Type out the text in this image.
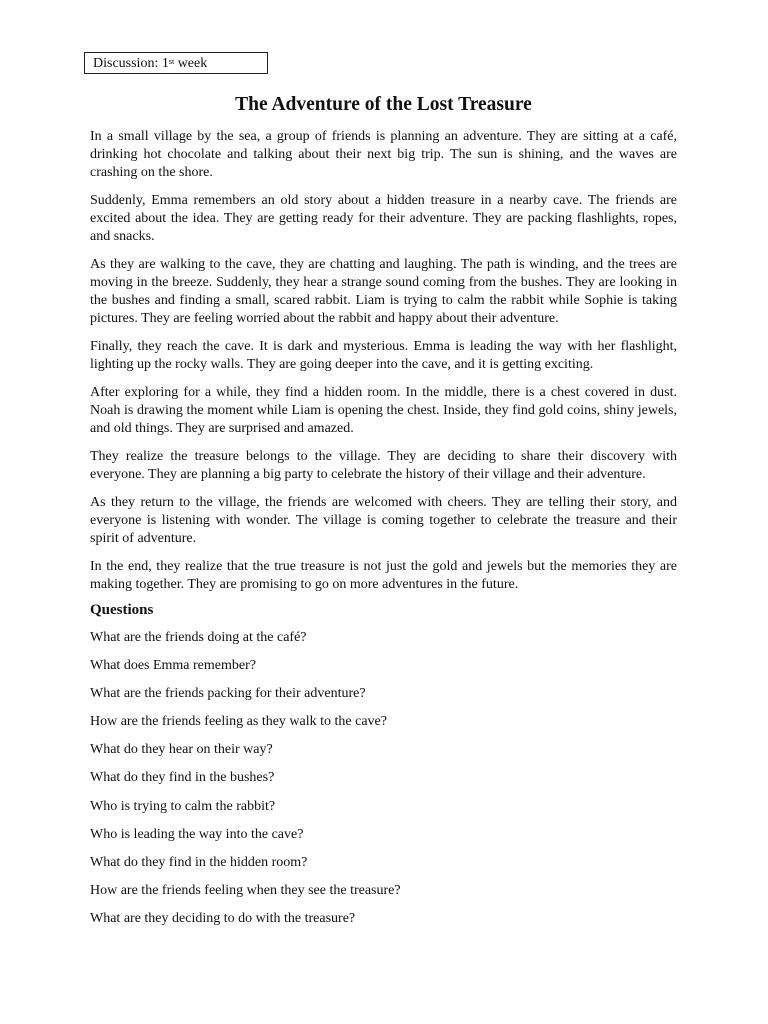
Discussion: 1st week
The Adventure of the Lost Treasure

In a small village by the sea, a group of friends is planning an adventure. They are sitting at a café, drinking hot chocolate and talking about their next big trip. The sun is shining, and the waves are crashing on the shore.

Suddenly, Emma remembers an old story about a hidden treasure in a nearby cave. The friends are excited about the idea. They are getting ready for their adventure. They are packing flashlights, ropes, and snacks.

As they are walking to the cave, they are chatting and laughing. The path is winding, and the trees are moving in the breeze. Suddenly, they hear a strange sound coming from the bushes. They are looking in the bushes and finding a small, scared rabbit. Liam is trying to calm the rabbit while Sophie is taking pictures. They are feeling worried about the rabbit and happy about their adventure.

Finally, they reach the cave. It is dark and mysterious. Emma is leading the way with her flashlight, lighting up the rocky walls. They are going deeper into the cave, and it is getting exciting.

After exploring for a while, they find a hidden room. In the middle, there is a chest covered in dust. Noah is drawing the moment while Liam is opening the chest. Inside, they find gold coins, shiny jewels, and old things. They are surprised and amazed.

They realize the treasure belongs to the village. They are deciding to share their discovery with everyone. They are planning a big party to celebrate the history of their village and their adventure.

As they return to the village, the friends are welcomed with cheers. They are telling their story, and everyone is listening with wonder. The village is coming together to celebrate the treasure and their spirit of adventure.

In the end, they realize that the true treasure is not just the gold and jewels but the memories they are making together. They are promising to go on more adventures in the future.

Questions
What are the friends doing at the café?
What does Emma remember?
What are the friends packing for their adventure?
How are the friends feeling as they walk to the cave?
What do they hear on their way?
What do they find in the bushes?
Who is trying to calm the rabbit?
Who is leading the way into the cave?
What do they find in the hidden room?
How are the friends feeling when they see the treasure?
What are they deciding to do with the treasure?
